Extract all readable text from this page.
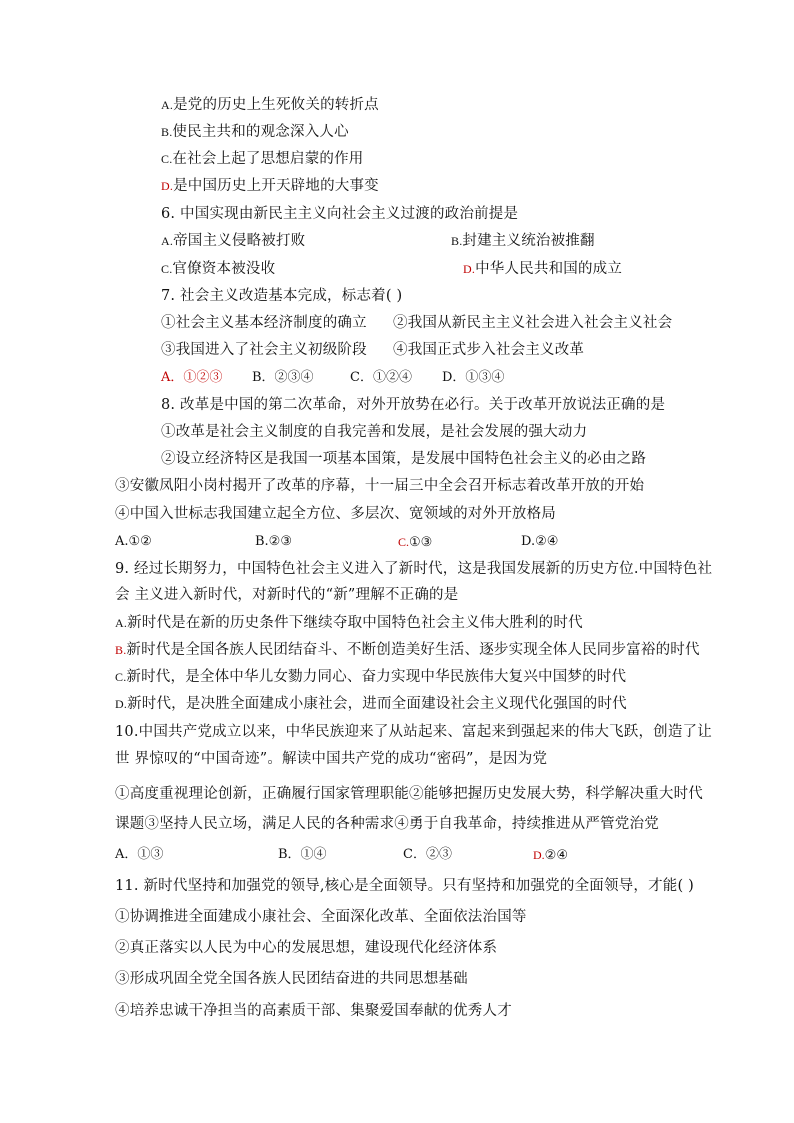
A.是党的历史上生死攸关的转折点
B.使民主共和的观念深入人心
C.在社会上起了思想启蒙的作用
D.是中国历史上开天辟地的大事变
6. 中国实现由新民主主义向社会主义过渡的政治前提是
A.帝国主义侵略被打败	B.封建主义统治被推翻
C.官僚资本被没收	D.中华人民共和国的成立
7. 社会主义改造基本完成，标志着( )
①社会主义基本经济制度的确立 ②我国从新民主主义社会进入社会主义社会
③我国进入了社会主义初级阶段 ④我国正式步入社会主义改革
A．①②③ B．②③④	C．①②④ D．①③④
8. 改革是中国的第二次革命，对外开放势在必行。关于改革开放说法正确的是
①改革是社会主义制度的自我完善和发展，是社会发展的强大动力
②设立经济特区是我国一项基本国策，是发展中国特色社会主义的必由之路
③安徽凤阳小岗村揭开了改革的序幕，十一届三中全会召开标志着改革开放的开始
④中国入世标志我国建立起全方位、多层次、宽领域的对外开放格局
A.①②	B.②③	C.①③	D.②④
9. 经过长期努力，中国特色社会主义进入了新时代，这是我国发展新的历史方位.中国特色社
会 主义进入新时代，对新时代的“新”理解不正确的是
A.新时代是在新的历史条件下继续夺取中国特色社会主义伟大胜利的时代
B.新时代是全国各族人民团结奋斗、不断创造美好生活、逐步实现全体人民同步富裕的时代
C.新时代，是全体中华儿女勠力同心、奋力实现中华民族伟大复兴中国梦的时代
D.新时代，是决胜全面建成小康社会，进而全面建设社会主义现代化强国的时代
10.中国共产党成立以来，中华民族迎来了从站起来、富起来到强起来的伟大飞跃，创造了让
世 界惊叹的“中国奇迹”。解读中国共产党的成功“密码”，是因为党
①高度重视理论创新，正确履行国家管理职能②能够把握历史发展大势，科学解决重大时代
课题③坚持人民立场，满足人民的各种需求④勇于自我革命，持续推进从严管党治党
A．①③	B．①④	C．②③	D.②④
11. 新时代坚持和加强党的领导,核心是全面领导。只有坚持和加强党的全面领导，才能( )
①协调推进全面建成小康社会、全面深化改革、全面依法治国等
②真正落实以人民为中心的发展思想，建设现代化经济体系
③形成巩固全党全国各族人民团结奋进的共同思想基础
④培养忠诚干净担当的高素质干部、集聚爱国奉献的优秀人才
